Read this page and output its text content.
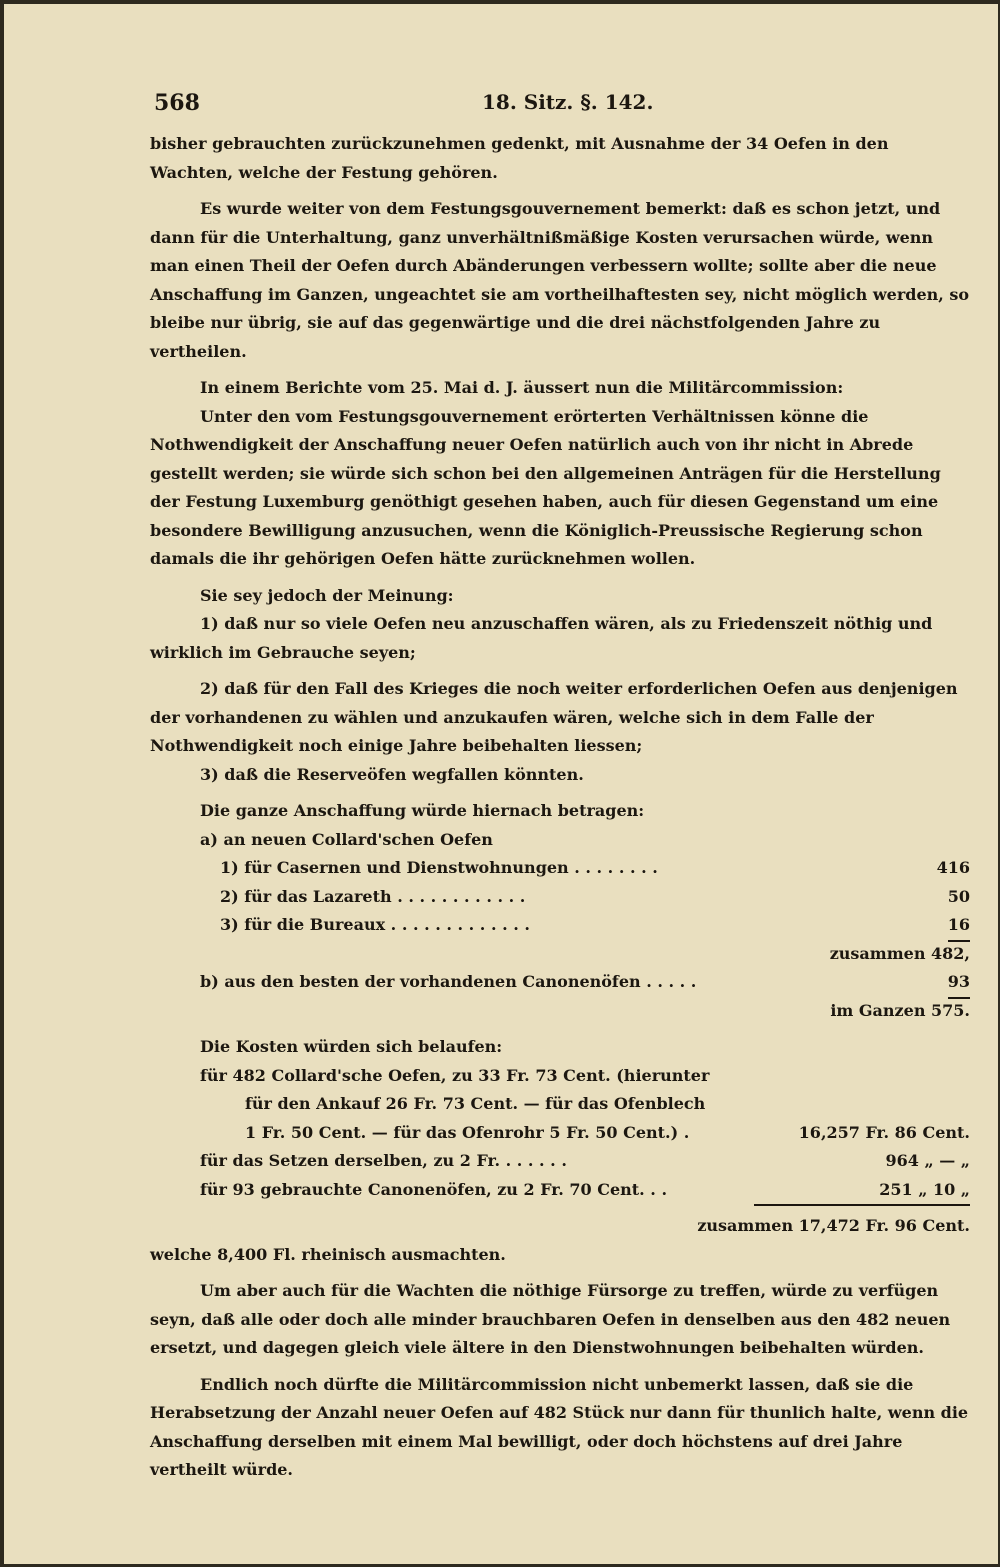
568	18. Sitz. §. 142.

bisher gebrauchten zurückzunehmen gedenkt, mit Ausnahme der 34 Oefen in den Wachten, welche der Festung gehören.

Es wurde weiter von dem Festungsgouvernement bemerkt: daß es schon jetzt, und dann für die Unterhaltung, ganz unverhältnißmäßige Kosten verursachen würde, wenn man einen Theil der Oefen durch Abänderungen verbessern wollte; sollte aber die neue Anschaffung im Ganzen, ungeachtet sie am vortheilhaftesten sey, nicht möglich werden, so bleibe nur übrig, sie auf das gegenwärtige und die drei nächstfolgenden Jahre zu vertheilen.

In einem Berichte vom 25. Mai d. J. äussert nun die Militärcommission:

Unter den vom Festungsgouvernement erörterten Verhältnissen könne die Nothwendigkeit der Anschaffung neuer Oefen natürlich auch von ihr nicht in Abrede gestellt werden; sie würde sich schon bei den allgemeinen Anträgen für die Herstellung der Festung Luxemburg genöthigt gesehen haben, auch für diesen Gegenstand um eine besondere Bewilligung anzusuchen, wenn die Königlich-Preussische Regierung schon damals die ihr gehörigen Oefen hätte zurücknehmen wollen.

Sie sey jedoch der Meinung:

1) daß nur so viele Oefen neu anzuschaffen wären, als zu Friedenszeit nöthig und wirklich im Gebrauche seyen;

2) daß für den Fall des Krieges die noch weiter erforderlichen Oefen aus denjenigen der vorhandenen zu wählen und anzukaufen wären, welche sich in dem Falle der Nothwendigkeit noch einige Jahre beibehalten liessen;

3) daß die Reserveöfen wegfallen könnten.

Die ganze Anschaffung würde hiernach betragen:

a) an neuen Collard'schen Oefen
1) für Casernen und Dienstwohnungen . . . . . . . .	416
2) für das Lazareth . . . . . . . . . . . .	50
3) für die Bureaux . . . . . . . . . . . . .	16
zusammen 482,
b) aus den besten der vorhandenen Canonenöfen . . . . .	93
im Ganzen 575.

Die Kosten würden sich belaufen:

für 482 Collard'sche Oefen, zu 33 Fr. 73 Cent. (hierunter
für den Ankauf 26 Fr. 73 Cent. — für das Ofenblech
1 Fr. 50 Cent. — für das Ofenrohr 5 Fr. 50 Cent.) .	16,257 Fr. 86 Cent.
für das Setzen derselben, zu 2 Fr. . . . . . .	964 „ — „
für 93 gebrauchte Canonenöfen, zu 2 Fr. 70 Cent. . .	251 „ 10 „
zusammen 17,472 Fr. 96 Cent.

welche 8,400 Fl. rheinisch ausmachten.

Um aber auch für die Wachten die nöthige Fürsorge zu treffen, würde zu verfügen seyn, daß alle oder doch alle minder brauchbaren Oefen in denselben aus den 482 neuen ersetzt, und dagegen gleich viele ältere in den Dienstwohnungen beibehalten würden.

Endlich noch dürfte die Militärcommission nicht unbemerkt lassen, daß sie die Herabsetzung der Anzahl neuer Oefen auf 482 Stück nur dann für thunlich halte, wenn die Anschaffung derselben mit einem Mal bewilligt, oder doch höchstens auf drei Jahre vertheilt würde.
